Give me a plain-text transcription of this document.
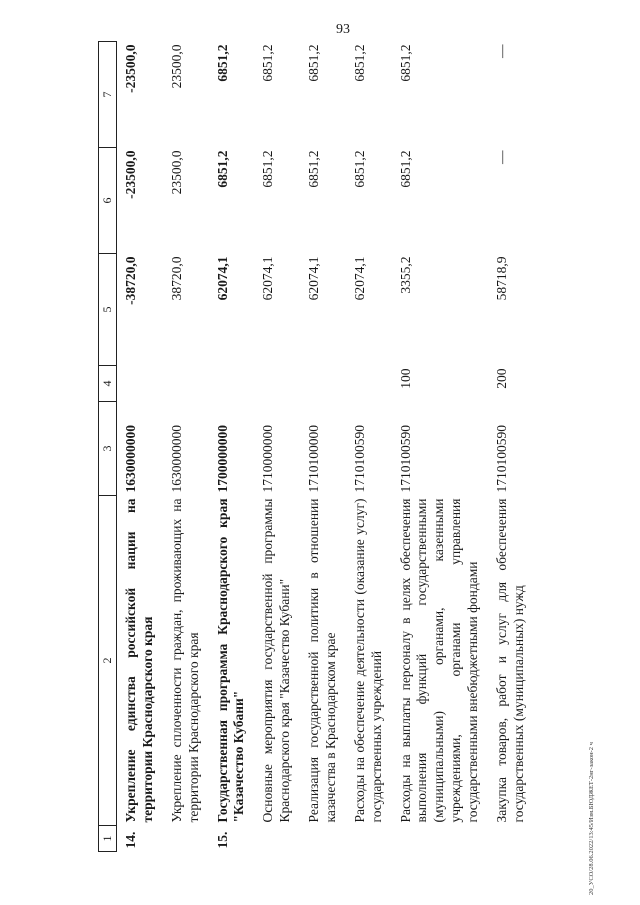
93
20_УСО/28.06.2022/13:45/Изм.БЮДЖЕТ-2нг-закон-2 ч
1	2	3	4	5	6	7
14.	Укрепление единства российской нации на территории Краснодарского края	1630000000		-38720,0	-23500,0	-23500,0
	Укрепление сплоченности граждан, проживающих на территории Краснодарского края	1630000000		38720,0	23500,0	23500,0
15.	Государственная программа Краснодарского края "Казачество Кубани"	1700000000		62074,1	6851,2	6851,2
	Основные мероприятия государственной программы Краснодарского края "Казачество Кубани"	1710000000		62074,1	6851,2	6851,2
	Реализация государственной политики в отношении казачества в Краснодарском крае	1710100000		62074,1	6851,2	6851,2
	Расходы на обеспечение деятельности (оказание услуг) государственных учреждений	1710100590		62074,1	6851,2	6851,2
	Расходы на выплаты персоналу в целях обеспечения выполнения функций государственными (муниципальными) органами, казенными учреждениями, органами управления государственными внебюджетными фондами	1710100590	100	3355,2	6851,2	6851,2
	Закупка товаров, работ и услуг для обеспечения государственных (муниципальных) нужд	1710100590	200	58718,9	—	—
